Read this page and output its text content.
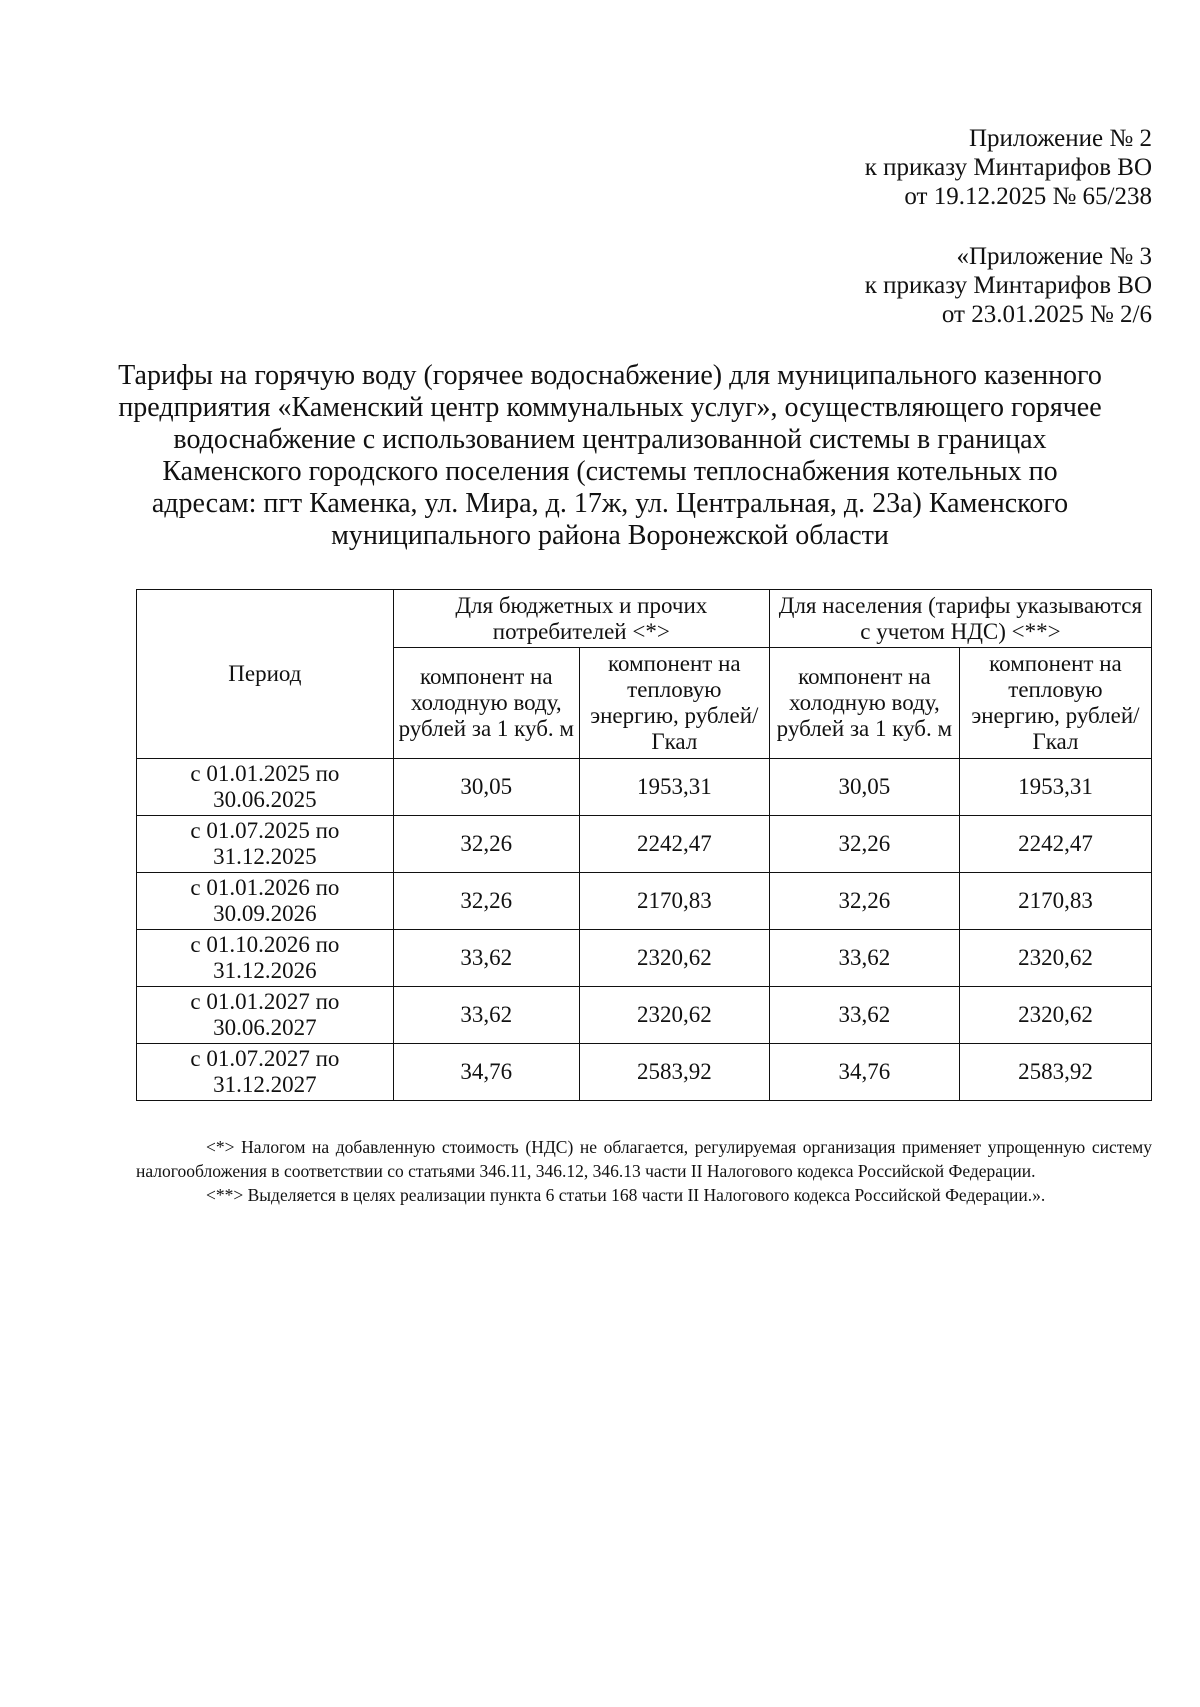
Приложение № 2
к приказу Минтарифов ВО
от 19.12.2025 № 65/238
«Приложение № 3
к приказу Минтарифов ВО
от 23.01.2025 № 2/6
Тарифы на горячую воду (горячее водоснабжение) для муниципального казенного
предприятия «Каменский центр коммунальных услуг», осуществляющего горячее
водоснабжение с использованием централизованной системы в границах
Каменского городского поселения (системы теплоснабжения котельных по
адресам: пгт Каменка, ул. Мира, д. 17ж, ул. Центральная, д. 23а) Каменского
муниципального района Воронежской области
Период	Для бюджетных и прочих потребителей <*>		Для населения (тарифы указываются с учетом НДС) <**>	
	компонент на холодную воду, рублей за 1 куб. м	компонент на тепловую энергию, рублей/Гкал	компонент на холодную воду, рублей за 1 куб. м	компонент на тепловую энергию, рублей/Гкал
с 01.01.2025 по 30.06.2025	30,05	1953,31	30,05	1953,31
с 01.07.2025 по 31.12.2025	32,26	2242,47	32,26	2242,47
с 01.01.2026 по 30.09.2026	32,26	2170,83	32,26	2170,83
с 01.10.2026 по 31.12.2026	33,62	2320,62	33,62	2320,62
с 01.01.2027 по 30.06.2027	33,62	2320,62	33,62	2320,62
с 01.07.2027 по 31.12.2027	34,76	2583,92	34,76	2583,92

<*> Налогом на добавленную стоимость (НДС) не облагается, регулируемая организация применяет упрощенную систему налогообложения в соответствии со статьями 346.11, 346.12, 346.13 части II Налогового кодекса Российской Федерации.

<**> Выделяется в целях реализации пункта 6 статьи 168 части II Налогового кодекса Российской Федерации.».
